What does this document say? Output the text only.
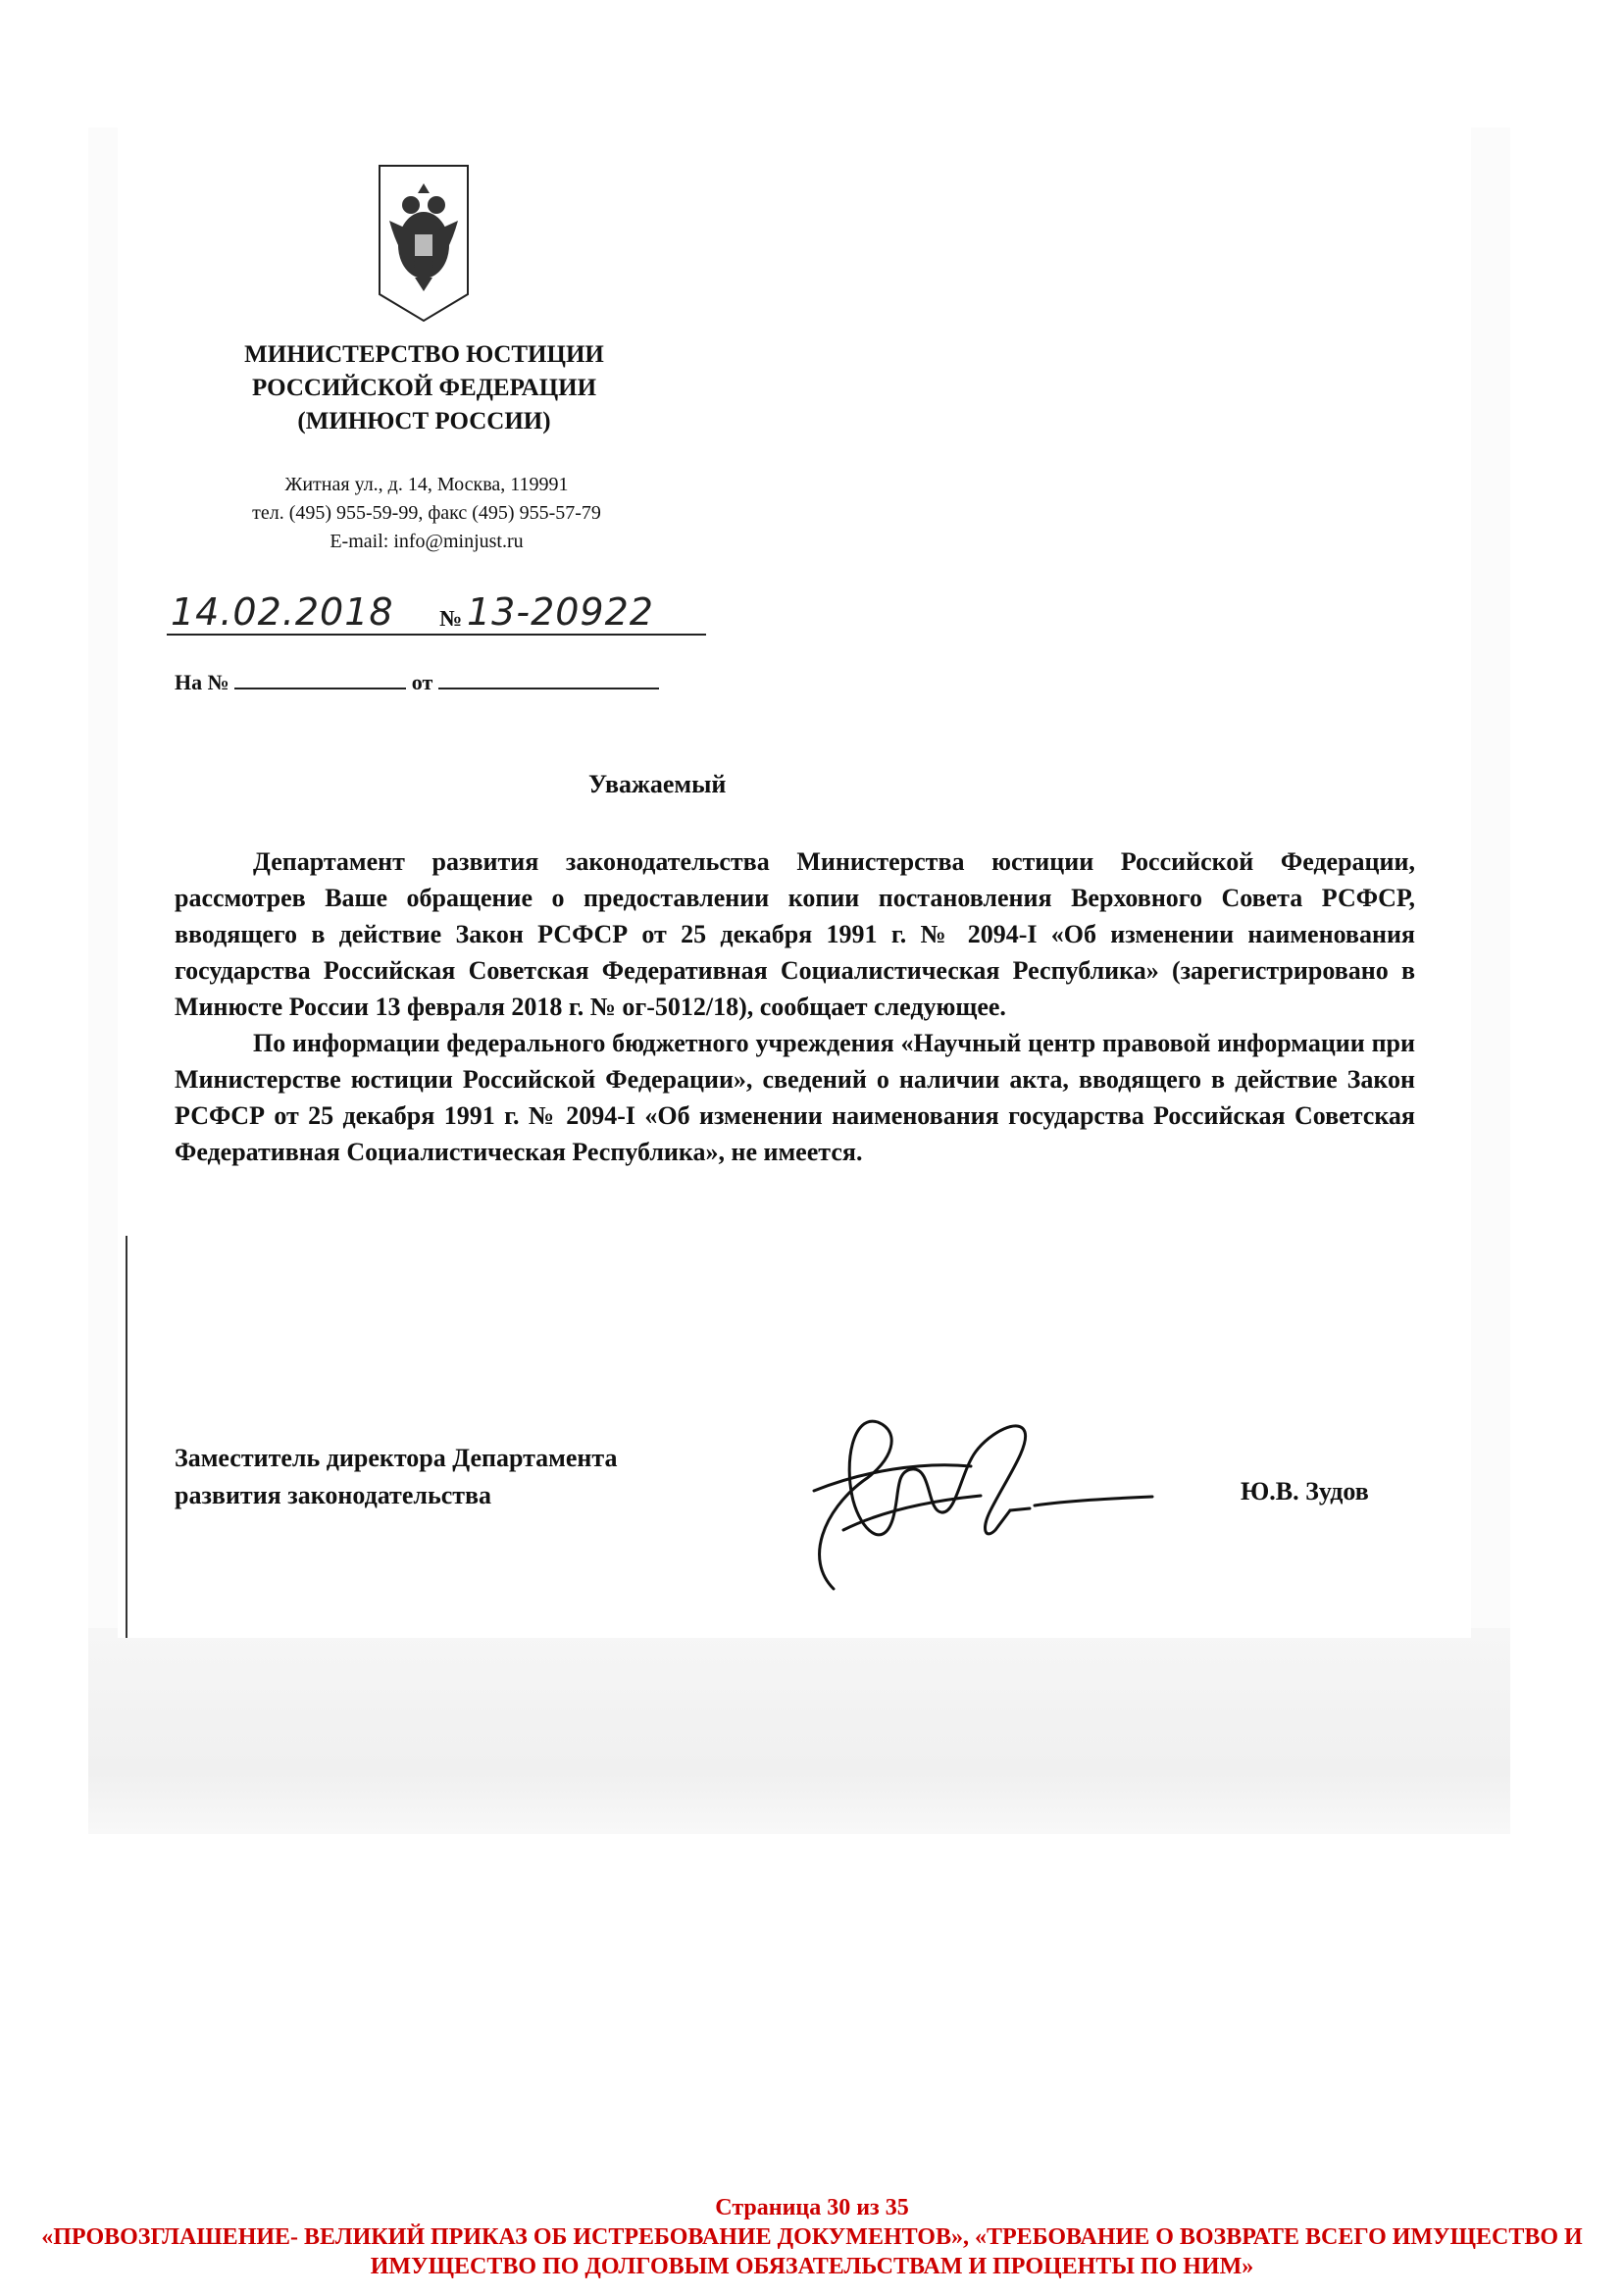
МИНИСТЕРСТВО ЮСТИЦИИ
РОССИЙСКОЙ ФЕДЕРАЦИИ
(МИНЮСТ РОССИИ)
Житная ул., д. 14, Москва, 119991
тел. (495) 955-59-99, факс (495) 955-57-79
E-mail: info@minjust.ru
14.02.2018 № 13-20922
На №	от
Уважаемый

Департамент развития законодательства Министерства юстиции Российской Федерации, рассмотрев Ваше обращение о предоставлении копии постановления Верховного Совета РСФСР, вводящего в действие Закон РСФСР от 25 декабря 1991 г. № 2094-I «Об изменении наименования государства Российская Советская Федеративная Социалистическая Республика» (зарегистрировано в Минюсте России 13 февраля 2018 г. № ог-5012/18), сообщает следующее.

По информации федерального бюджетного учреждения «Научный центр правовой информации при Министерстве юстиции Российской Федерации», сведений о наличии акта, вводящего в действие Закон РСФСР от 25 декабря 1991 г. № 2094-I «Об изменении наименования государства Российская Советская Федеративная Социалистическая Республика», не имеется.

Заместитель директора Департамента
развития законодательства	Ю.В. Зудов
Страница 30 из 35
«ПРОВОЗГЛАШЕНИЕ- ВЕЛИКИЙ ПРИКАЗ ОБ ИСТРЕБОВАНИЕ ДОКУМЕНТОВ», «ТРЕБОВАНИЕ О ВОЗВРАТЕ ВСЕГО ИМУЩЕСТВО И ИМУЩЕСТВО ПО ДОЛГОВЫМ ОБЯЗАТЕЛЬСТВАМ И ПРОЦЕНТЫ ПО НИМ»
